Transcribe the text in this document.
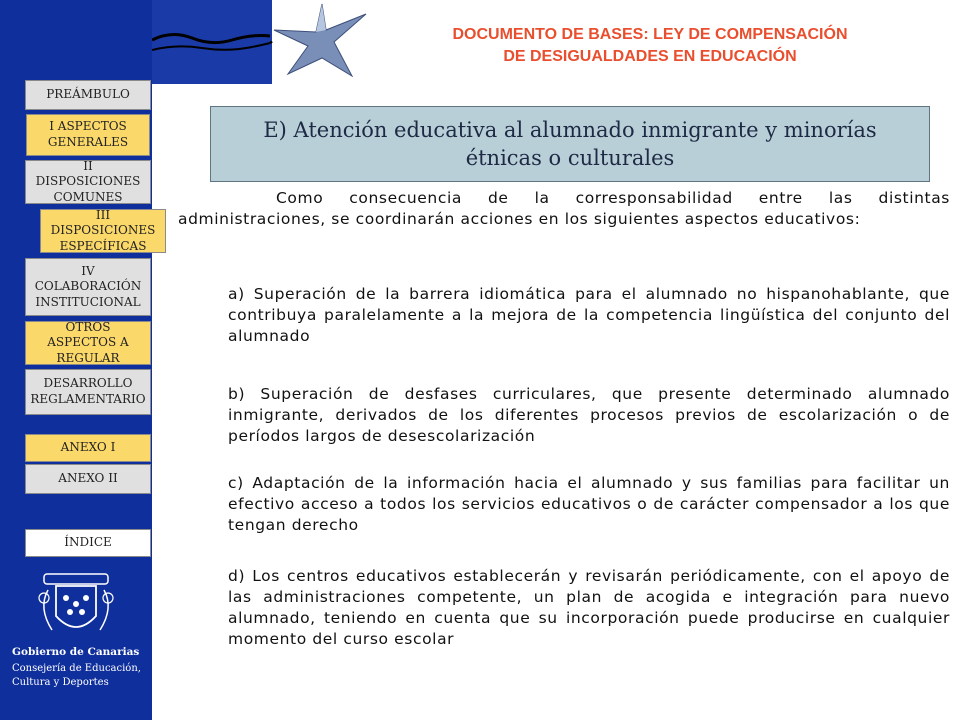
DOCUMENTO DE BASES: LEY DE COMPENSACIÓN
DE DESIGUALDADES EN EDUCACIÓN
PREÁMBULO
I ASPECTOS GENERALES
II DISPOSICIONES COMUNES
III DISPOSICIONES ESPECÍFICAS
IV COLABORACIÓN INSTITUCIONAL
OTROS ASPECTOS A REGULAR
DESARROLLO REGLAMENTARIO
ANEXO I
ANEXO II
ÍNDICE
E) Atención educativa al alumnado inmigrante y minorías étnicas o culturales
Como consecuencia de la corresponsabilidad entre las distintas administraciones, se coordinarán acciones en los siguientes aspectos educativos:
a) Superación de la barrera idiomática para el alumnado no hispanohablante, que contribuya paralelamente a la mejora de la competencia lingüística del conjunto del alumnado
b) Superación de desfases curriculares, que presente determinado alumnado inmigrante, derivados de los diferentes procesos previos de escolarización o de períodos largos de desescolarización
c) Adaptación de la información hacia el alumnado y sus familias para facilitar un efectivo acceso a todos los servicios educativos o de carácter compensador a los que tengan derecho
d) Los centros educativos establecerán y revisarán periódicamente, con el apoyo de las administraciones competente, un plan de acogida e integración para nuevo alumnado, teniendo en cuenta que su incorporación puede producirse en cualquier momento del curso escolar
Gobierno de Canarias
Consejería de Educación,
Cultura y Deportes
